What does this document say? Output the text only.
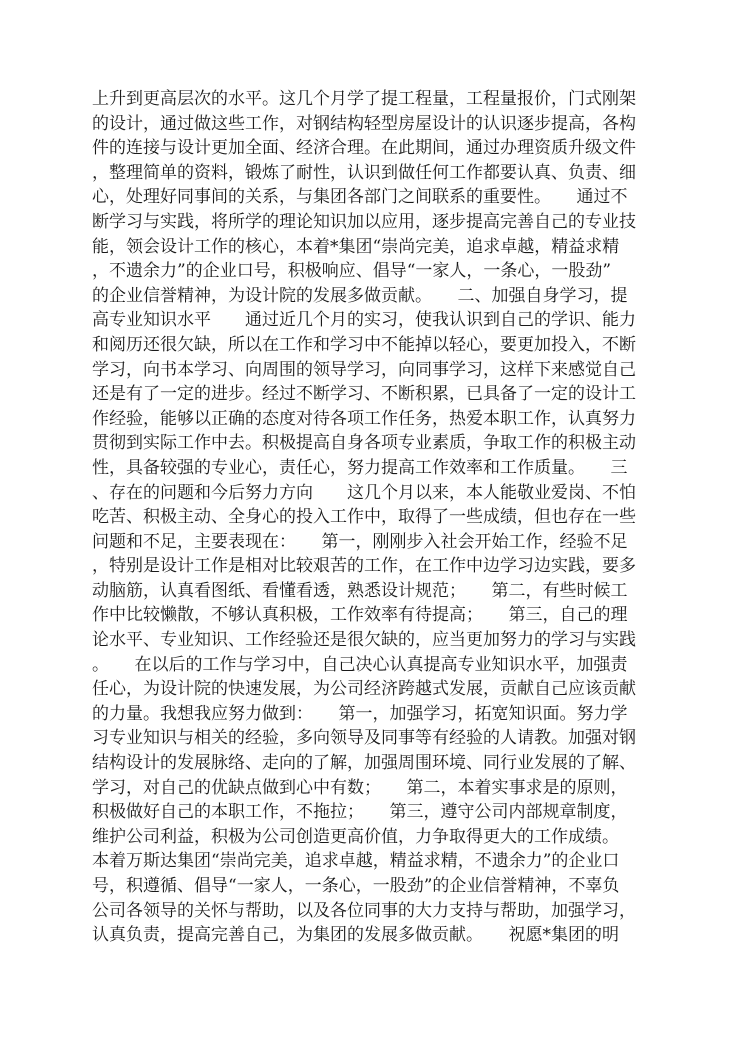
上升到更高层次的水平。这几个月学了提工程量，工程量报价，门式刚架
的设计，通过做这些工作，对钢结构轻型房屋设计的认识逐步提高，各构
件的连接与设计更加全面、经济合理。在此期间，通过办理资质升级文件
，整理简单的资料，锻炼了耐性，认识到做任何工作都要认真、负责、细
心，处理好同事间的关系，与集团各部门之间联系的重要性。　　通过不
断学习与实践，将所学的理论知识加以应用，逐步提高完善自己的专业技
能，领会设计工作的核心，本着*集团“崇尚完美，追求卓越，精益求精
，不遗余力”的企业口号，积极响应、倡导“一家人，一条心，一股劲”
的企业信誉精神，为设计院的发展多做贡献。　　二、加强自身学习，提
高专业知识水平　　通过近几个月的实习，使我认识到自己的学识、能力
和阅历还很欠缺，所以在工作和学习中不能掉以轻心，要更加投入，不断
学习，向书本学习、向周围的领导学习，向同事学习，这样下来感觉自己
还是有了一定的进步。经过不断学习、不断积累，已具备了一定的设计工
作经验，能够以正确的态度对待各项工作任务，热爱本职工作，认真努力
贯彻到实际工作中去。积极提高自身各项专业素质，争取工作的积极主动
性，具备较强的专业心，责任心，努力提高工作效率和工作质量。　　三
、存在的问题和今后努力方向　　这几个月以来，本人能敬业爱岗、不怕
吃苦、积极主动、全身心的投入工作中，取得了一些成绩，但也存在一些
问题和不足，主要表现在：　　第一，刚刚步入社会开始工作，经验不足
，特别是设计工作是相对比较艰苦的工作，在工作中边学习边实践，要多
动脑筋，认真看图纸、看懂看透，熟悉设计规范；　　第二，有些时候工
作中比较懒散，不够认真积极，工作效率有待提高；　　第三，自己的理
论水平、专业知识、工作经验还是很欠缺的，应当更加努力的学习与实践
。　　在以后的工作与学习中，自己决心认真提高专业知识水平，加强责
任心，为设计院的快速发展，为公司经济跨越式发展，贡献自己应该贡献
的力量。我想我应努力做到：　　第一，加强学习，拓宽知识面。努力学
习专业知识与相关的经验，多向领导及同事等有经验的人请教。加强对钢
结构设计的发展脉络、走向的了解，加强周围环境、同行业发展的了解、
学习，对自己的优缺点做到心中有数；　　第二，本着实事求是的原则，
积极做好自己的本职工作，不拖拉；　　第三，遵守公司内部规章制度，
维护公司利益，积极为公司创造更高价值，力争取得更大的工作成绩。
本着万斯达集团“崇尚完美，追求卓越，精益求精，不遗余力”的企业口
号，积遵循、倡导“一家人，一条心，一股劲”的企业信誉精神，不辜负
公司各领导的关怀与帮助，以及各位同事的大力支持与帮助，加强学习，
认真负责，提高完善自己，为集团的发展多做贡献。　　祝愿*集团的明
